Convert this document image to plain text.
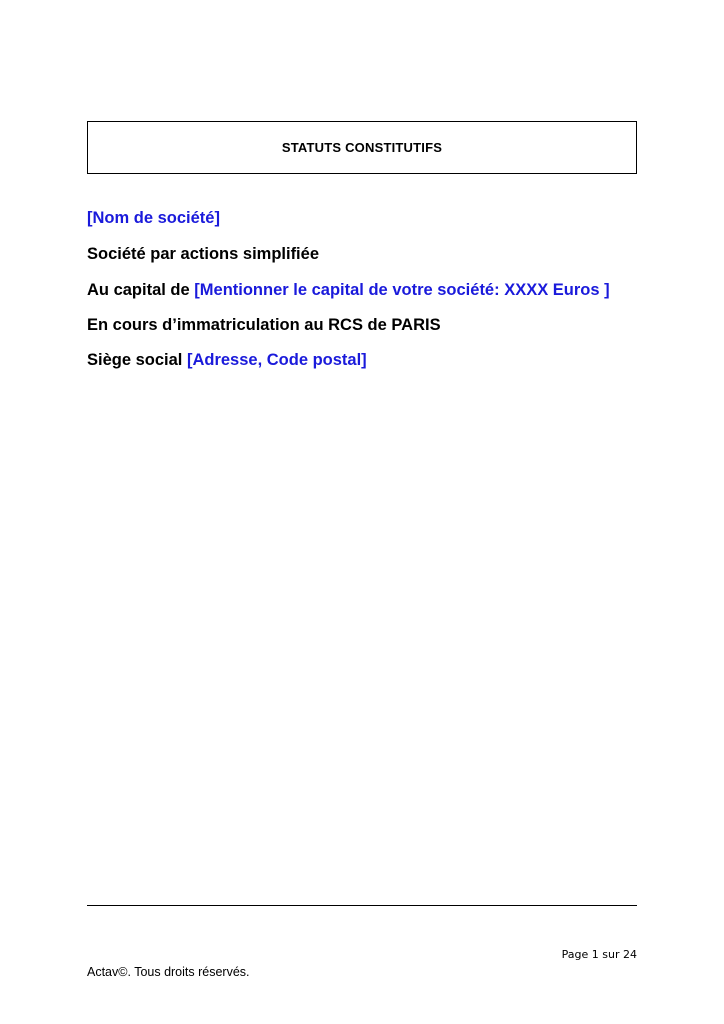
STATUTS CONSTITUTIFS
[Nom de société]
Société par actions simplifiée
Au capital de [Mentionner le capital de votre société: XXXX Euros ]
En cours d’immatriculation au RCS de PARIS
Siège social [Adresse, Code postal]
Page 1 sur 24
Actav©. Tous droits réservés.
